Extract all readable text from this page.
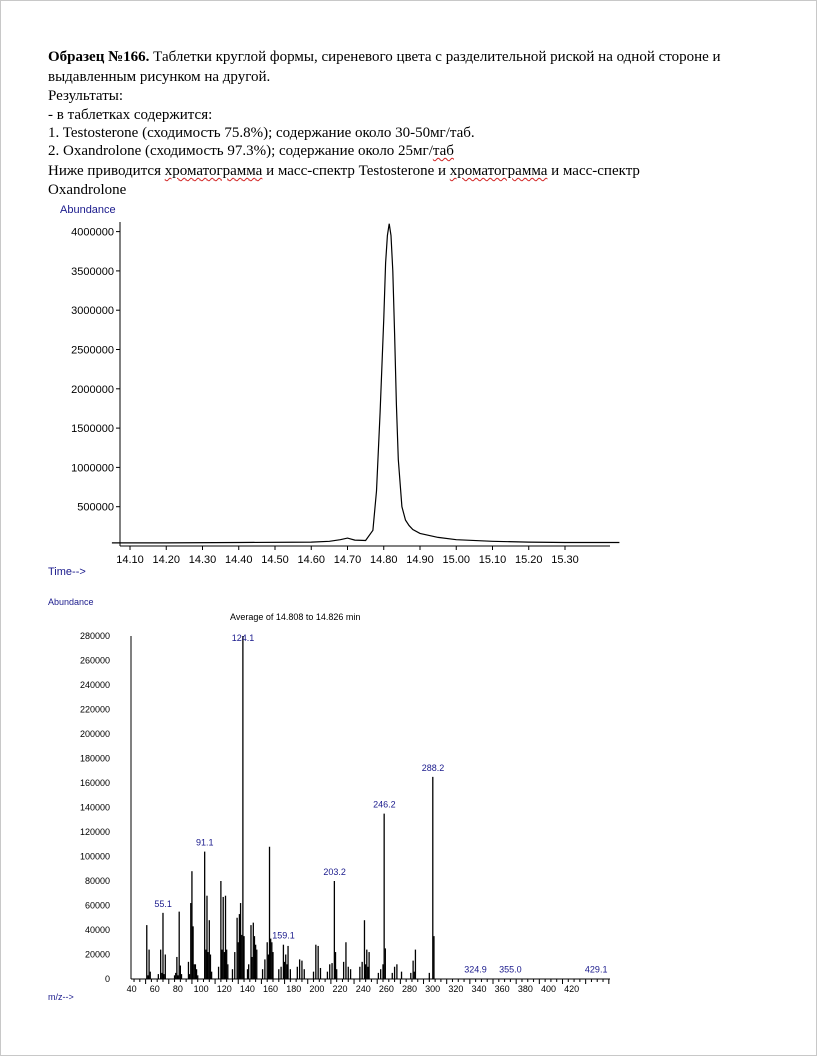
Образец №166. Таблетки круглой формы, сиреневого цвета с разделительной риской на одной стороне и
выдавленным рисунком на другой.
Результаты:
- в таблетках содержится:
1. Testosterone (сходимость 75.8%); содержание около 30-50мг/таб.
2. Oxandrolone (сходимость 97.3%); содержание около 25мг/таб
Ниже приводится хроматограмма и масс-спектр Testosterone и хроматограмма и масс-спектр
Oxandrolone
Abundance
Time-->
Abundance
m/z-->
Average of 14.808 to 14.826 min
14.10 14.20 14.30 14.40 14.50 14.60 14.70 14.80 14.90 15.00 15.10 15.20 15.30
500000
1000000
1500000
2000000
2500000
3000000
3500000
4000000
40 60 80 100 120 140 160 180 200 220 240 260 280 300 320 340 360 380 400 420
0
20000
40000
60000
80000
100000
120000
140000
160000
180000
200000
220000
240000
260000
280000
55.1
91.1
124.1
159.1
203.2
246.2
288.2
324.9 355.0	429.1
